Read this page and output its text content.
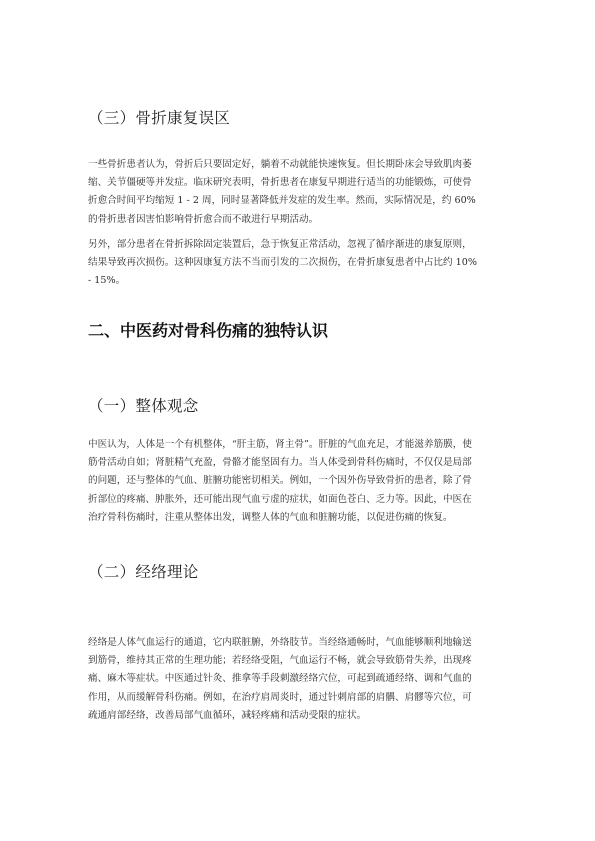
（三）骨折康复误区

一些骨折患者认为，骨折后只要固定好，躺着不动就能快速恢复。但长期卧床会导致肌肉萎
缩、关节僵硬等并发症。临床研究表明，骨折患者在康复早期进行适当的功能锻炼，可使骨
折愈合时间平均缩短 1 - 2 周，同时显著降低并发症的发生率。然而，实际情况是，约 60%
的骨折患者因害怕影响骨折愈合而不敢进行早期活动。

另外，部分患者在骨折拆除固定装置后，急于恢复正常活动，忽视了循序渐进的康复原则，
结果导致再次损伤。这种因康复方法不当而引发的二次损伤，在骨折康复患者中占比约 10%
- 15%。

二、中医药对骨科伤痛的独特认识
（一）整体观念

中医认为，人体是一个有机整体，“肝主筋，肾主骨”。肝脏的气血充足，才能滋养筋膜，使
筋骨活动自如；肾脏精气充盈，骨骼才能坚固有力。当人体受到骨科伤痛时，不仅仅是局部
的问题，还与整体的气血、脏腑功能密切相关。例如，一个因外伤导致骨折的患者，除了骨
折部位的疼痛、肿胀外，还可能出现气血亏虚的症状，如面色苍白、乏力等。因此，中医在
治疗骨科伤痛时，注重从整体出发，调整人体的气血和脏腑功能，以促进伤痛的恢复。

（二）经络理论

经络是人体气血运行的通道，它内联脏腑，外络肢节。当经络通畅时，气血能够顺利地输送
到筋骨，维持其正常的生理功能；若经络受阻，气血运行不畅，就会导致筋骨失养，出现疼
痛、麻木等症状。中医通过针灸、推拿等手段刺激经络穴位，可起到疏通经络、调和气血的
作用，从而缓解骨科伤痛。例如，在治疗肩周炎时，通过针刺肩部的肩髃、肩髎等穴位，可
疏通肩部经络，改善局部气血循环，减轻疼痛和活动受限的症状。
